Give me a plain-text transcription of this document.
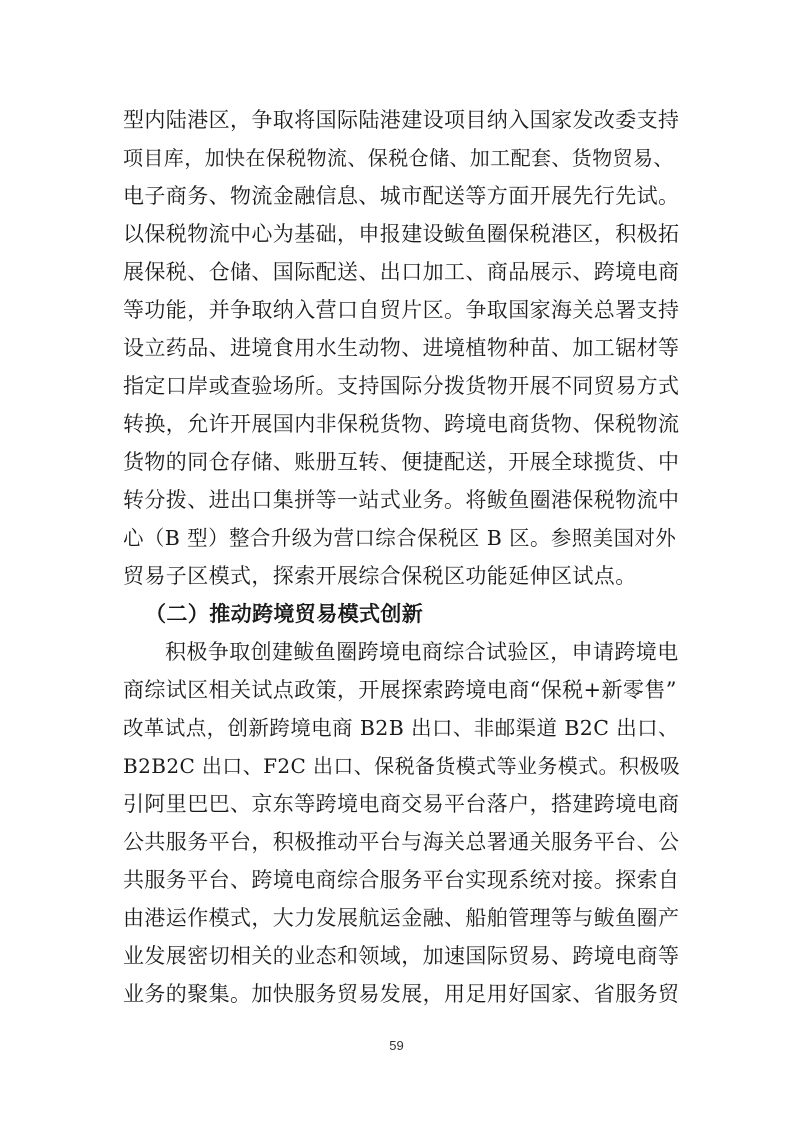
型内陆港区，争取将国际陆港建设项目纳入国家发改委支持
项目库，加快在保税物流、保税仓储、加工配套、货物贸易、
电子商务、物流金融信息、城市配送等方面开展先行先试。
以保税物流中心为基础，申报建设鲅鱼圈保税港区，积极拓
展保税、仓储、国际配送、出口加工、商品展示、跨境电商
等功能，并争取纳入营口自贸片区。争取国家海关总署支持
设立药品、进境食用水生动物、进境植物种苗、加工锯材等
指定口岸或查验场所。支持国际分拨货物开展不同贸易方式
转换，允许开展国内非保税货物、跨境电商货物、保税物流
货物的同仓存储、账册互转、便捷配送，开展全球揽货、中
转分拨、进出口集拼等一站式业务。将鲅鱼圈港保税物流中
心（B 型）整合升级为营口综合保税区 B 区。参照美国对外
贸易子区模式，探索开展综合保税区功能延伸区试点。
（二）推动跨境贸易模式创新
积极争取创建鲅鱼圈跨境电商综合试验区，申请跨境电
商综试区相关试点政策，开展探索跨境电商“保税+新零售”
改革试点，创新跨境电商 B2B 出口、非邮渠道 B2C 出口、
B2B2C 出口、F2C 出口、保税备货模式等业务模式。积极吸
引阿里巴巴、京东等跨境电商交易平台落户，搭建跨境电商
公共服务平台，积极推动平台与海关总署通关服务平台、公
共服务平台、跨境电商综合服务平台实现系统对接。探索自
由港运作模式，大力发展航运金融、船舶管理等与鲅鱼圈产
业发展密切相关的业态和领域，加速国际贸易、跨境电商等
业务的聚集。加快服务贸易发展，用足用好国家、省服务贸
59
